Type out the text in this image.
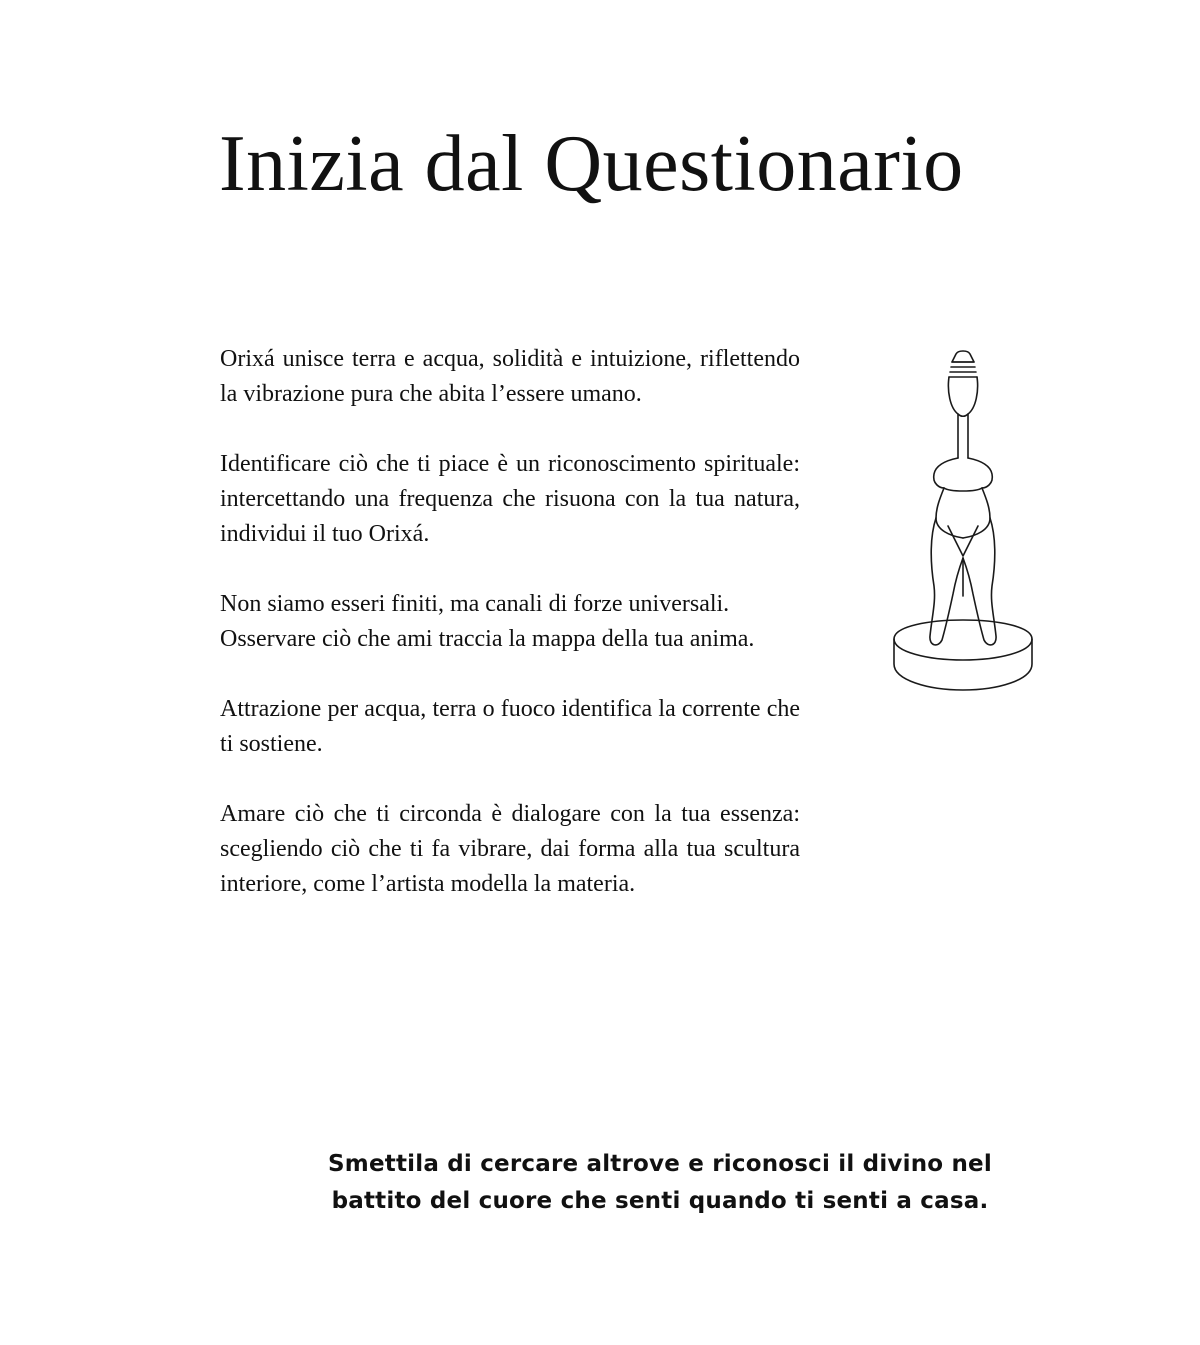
Inizia dal Questionario

Orixá unisce terra e acqua, solidità e intuizione, riflettendo la vibrazione pura che abita l’essere umano.

Identificare ciò che ti piace è un riconoscimento spirituale: intercettando una frequenza che risuona con la tua natura, individui il tuo Orixá.

Non siamo esseri finiti, ma canali di forze universali.
Osservare ciò che ami traccia la mappa della tua anima.

Attrazione per acqua, terra o fuoco identifica la corrente che ti sostiene.

Amare ciò che ti circonda è dialogare con la tua essenza: scegliendo ciò che ti fa vibrare, dai forma alla tua scultura interiore, come l’artista modella la materia.

Smettila di cercare altrove e riconosci il divino nel
battito del cuore che senti quando ti senti a casa.
